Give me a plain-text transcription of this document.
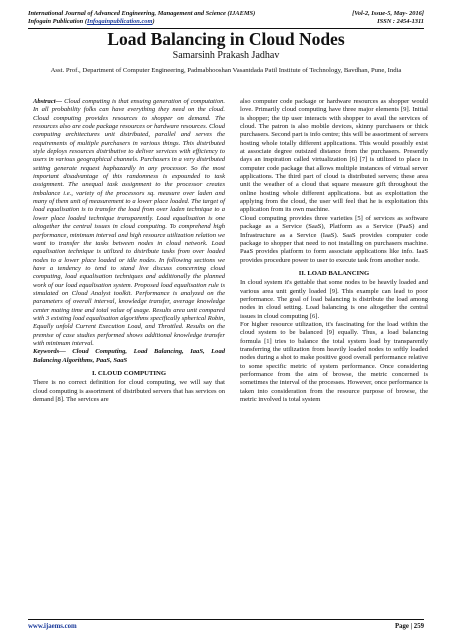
International Journal of Advanced Engineering, Management and Science (IJAEMS)	[Vol-2, Issue-5, May- 2016]
Infogain Publication (Infogainpublication.com)	ISSN : 2454-1311
Load Balancing in Cloud Nodes
Samarsinh Prakash Jadhav
Asst. Prof., Department of Computer Engineering, Padmabhooshan Vasantdada Patil Institute of Technology, Bavdhan, Pune, India

Abstract— Cloud computing is that ensuing generation of computation. In all probability folks can have everything they need on the cloud. Cloud computing provides resources to shopper on demand. The resources also are code package resources or hardware resources. Cloud computing architectures unit distributed, parallel and serves the requirements of multiple purchasers in various things. This distributed style deploys resources distributive to deliver services with efficiency to users in various geographical channels. Purchasers in a very distributed setting generate request haphazardly in any processor. So the most important disadvantage of this randomness is expounded to task assignment. The unequal task assignment to the processor creates imbalance i.e., variety of the processors sq. measure over laden and many of them unit of measurement to a lower place loaded. The target of load equalisation is to transfer the load from over laden technique to a lower place loaded technique transparently. Load equalisation is one altogether the central issues in cloud computing. To comprehend high performance, minimum interval and high resource utilization relation we want to transfer the tasks between nodes in cloud network. Load equalisation technique is utilized to distribute tasks from over loaded nodes to a lower place loaded or idle nodes. In following sections we have a tendency to tend to stand live discuss concerning cloud computing, load equalisation techniques and additionally the planned work of our load equalisation system. Proposed load equalisation rule is simulated on Cloud Analyst toolkit. Performance is analyzed on the parameters of overall interval, knowledge transfer, average knowledge center mating time and total value of usage. Results area unit compared with 3 existing load equalisation algorithms specifically spherical Robin, Equally unfold Current Execution Load, and Throttled. Results on the premise of case studies performed shows additional knowledge transfer with minimum interval.

Keywords— Cloud Computing, Load Balancing, IaaS, Load Balancing Algorithms, PaaS, SaaS

I. CLOUD COMPUTING

There is no correct definition for cloud computing, we will say that cloud computing is assortment of distributed servers that has services on demand [8]. The services are

also computer code package or hardware resources as shopper would love. Primarily cloud computing have three major elements [9]. Initial is shopper; the tip user interacts with shopper to avail the services of cloud. The patron is also mobile devices, skinny purchasers or thick purchasers. Second part is info centre; this will be assortment of servers hosting whole totally different applications. This would possibly exist at associate degree outsized distance from the purchasers. Presently days an inspiration called virtualization [6] [7] is utilized to place in computer code package that allows multiple instances of virtual server applications. The third part of cloud is distributed servers; these area unit the weather of a cloud that square measure gift throughout the online hosting whole different applications. but as exploitation the applying from the cloud, the user will feel that he is exploitation this application from its own machine.

Cloud computing provides three varieties [5] of services as software package as a Service (SaaS), Platform as a Service (PaaS) and Infrastructure as a Service (IaaS). SaaS provides computer code package to shopper that need to not installing on purchasers machine. PaaS provides platform to form associate applications like info. IaaS provides procedure power to user to execute task from another node.

II. LOAD BALANCING

In cloud system it's gettable that some nodes to be heavily loaded and various area unit gently loaded [9]. This example can lead to poor performance. The goal of load balancing is distribute the load among nodes in cloud setting. Load balancing is one altogether the central issues in cloud computing [6].

For higher resource utilization, it's fascinating for the load within the cloud system to be balanced [9] equally. Thus, a load balancing formula [1] tries to balance the total system load by transparently transferring the utilization from heavily loaded nodes to softly loaded nodes during a shot to make positive good overall performance relative to some specific metric of system performance. Once considering performance from the aim of browse, the metric concerned is sometimes the interval of the processes. However, once performance is taken into consideration from the resource purpose of browse, the metric involved is total system

www.ijaems.com	Page | 259
